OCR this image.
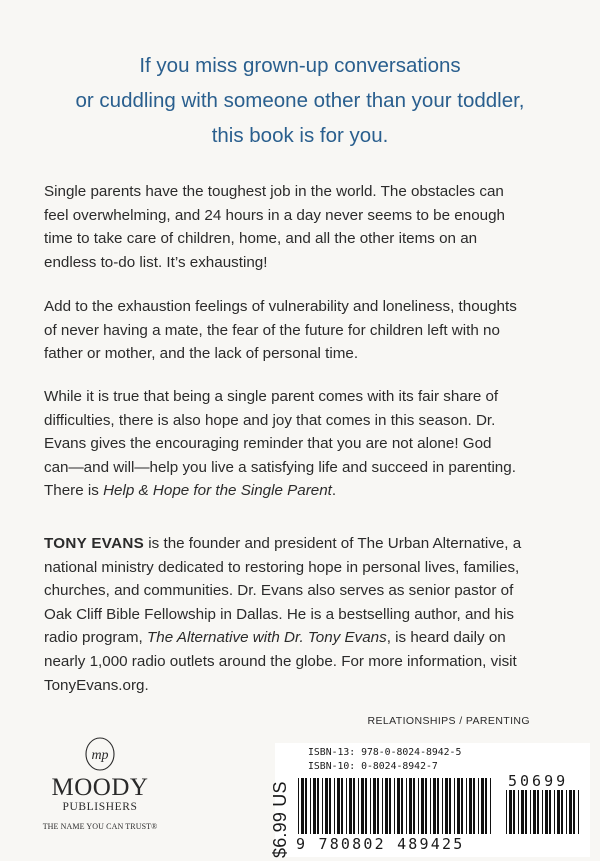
If you miss grown-up conversations
or cuddling with someone other than your toddler,
this book is for you.
Single parents have the toughest job in the world. The obstacles can
feel overwhelming, and 24 hours in a day never seems to be enough
time to take care of children, home, and all the other items on an
endless to-do list. It’s exhausting!
Add to the exhaustion feelings of vulnerability and loneliness, thoughts
of never having a mate, the fear of the future for children left with no
father or mother, and the lack of personal time.
While it is true that being a single parent comes with its fair share of
difficulties, there is also hope and joy that comes in this season. Dr.
Evans gives the encouraging reminder that you are not alone! God
can—and will—help you live a satisfying life and succeed in parenting.
There is Help & Hope for the Single Parent.
TONY EVANS is the founder and president of The Urban Alternative, a
national ministry dedicated to restoring hope in personal lives, families,
churches, and communities. Dr. Evans also serves as senior pastor of
Oak Cliff Bible Fellowship in Dallas. He is a bestselling author, and his
radio program, The Alternative with Dr. Tony Evans, is heard daily on
nearly 1,000 radio outlets around the globe. For more information, visit
TonyEvans.org.
RELATIONSHIPS / PARENTING
mp
MOODY
PUBLISHERS
THE NAME YOU CAN TRUST®	$6.99 US
ISBN-13: 978-0-8024-8942-5
ISBN-10: 0-8024-8942-7
9 780802 489425
50699
